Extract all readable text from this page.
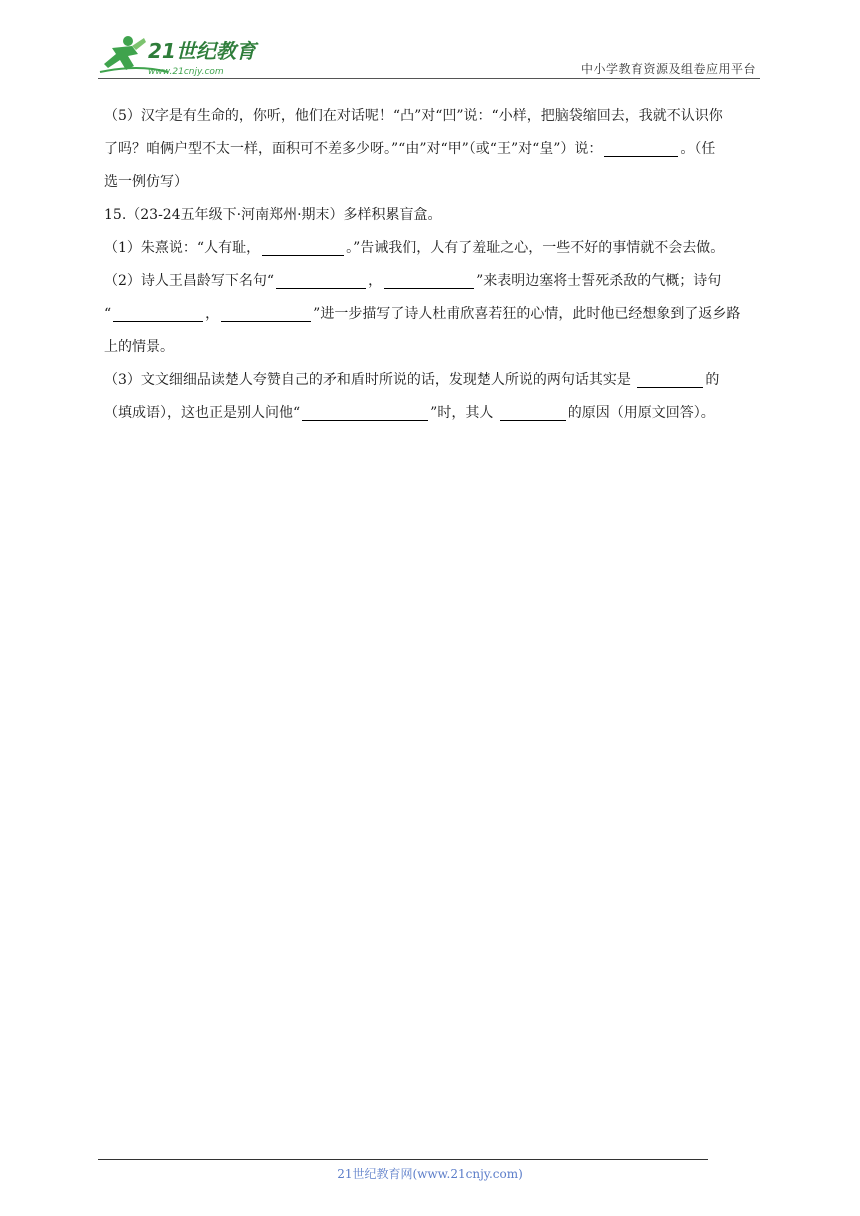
21世纪教育
www.21cnjy.com	中小学教育资源及组卷应用平台
（5）汉字是有生命的，你听，他们在对话呢！“凸”对“凹”说：“小样，把脑袋缩回去，我就不认识你
了吗？咱俩户型不太一样，面积可不差多少呀。”“由”对“甲”（或“王”对“皇”）说：	。（任
选一例仿写）
15.（23-24五年级下·河南郑州·期末）多样积累盲盒。
（1）朱熹说：“人有耻，	。”告诫我们，人有了羞耻之心，一些不好的事情就不会去做。
（2）诗人王昌龄写下名句“	，	”来表明边塞将士誓死杀敌的气概；诗句
“	，	”进一步描写了诗人杜甫欣喜若狂的心情，此时他已经想象到了返乡路
上的情景。
（3）文文细细品读楚人夸赞自己的矛和盾时所说的话，发现楚人所说的两句话其实是	的
（填成语），这也正是别人问他“	”时，其人	的原因（用原文回答）。
21世纪教育网(www.21cnjy.com)
